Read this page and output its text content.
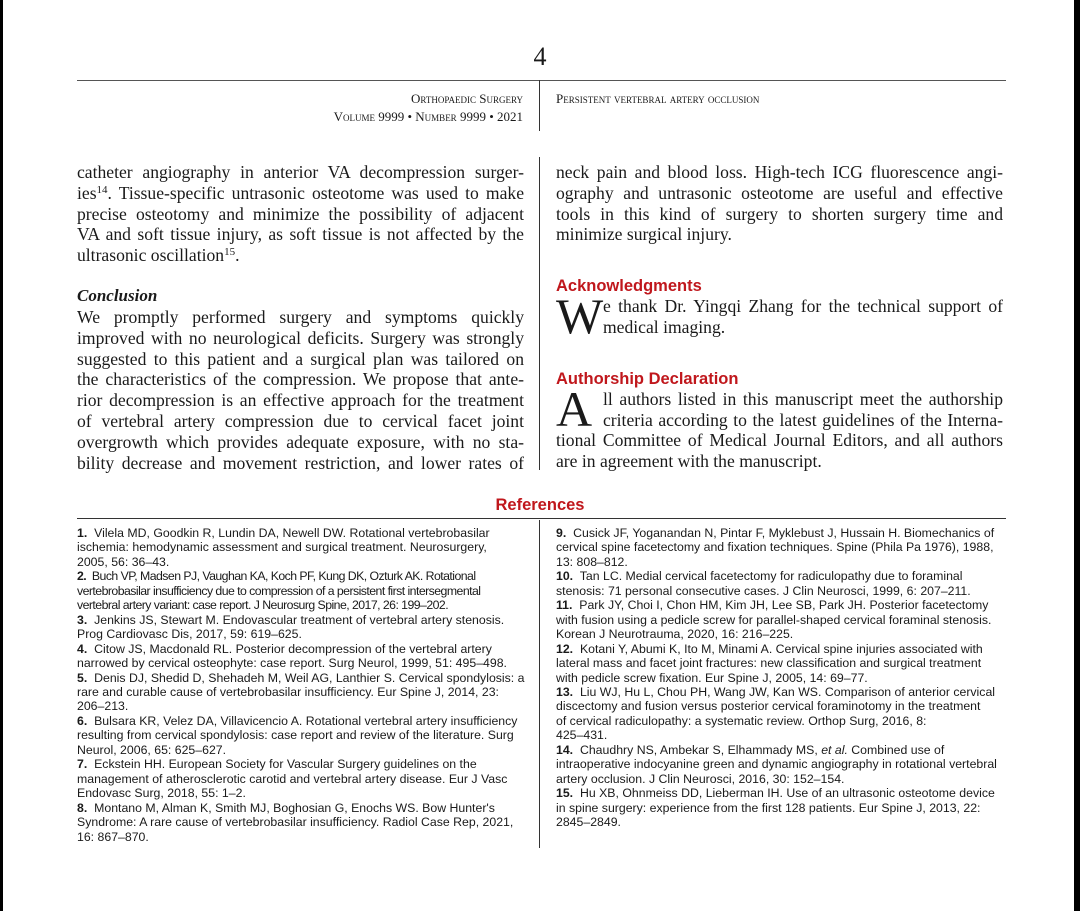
4
Orthopaedic Surgery
Volume 9999 • Number 9999 • 2021
Persistent vertebral artery occlusion
catheter angiography in anterior VA decompression surger-
ies$^{14}$. Tissue-specific untrasonic osteotome was used to make
precise osteotomy and minimize the possibility of adjacent
VA and soft tissue injury, as soft tissue is not affected by the
ultrasonic oscillation$^{15}$.
Conclusion
We promptly performed surgery and symptoms quickly
improved with no neurological deficits. Surgery was strongly
suggested to this patient and a surgical plan was tailored on
the characteristics of the compression. We propose that ante-
rior decompression is an effective approach for the treatment
of vertebral artery compression due to cervical facet joint
overgrowth which provides adequate exposure, with no sta-
bility decrease and movement restriction, and lower rates of
neck pain and blood loss. High-tech ICG fluorescence angi-
ography and untrasonic osteotome are useful and effective
tools in this kind of surgery to shorten surgery time and
minimize surgical injury.
Acknowledgments
W e thank Dr. Yingqi Zhang for the technical support of
medical imaging.
Authorship Declaration
A ll authors listed in this manuscript meet the authorship
criteria according to the latest guidelines of the Interna-
tional Committee of Medical Journal Editors, and all authors
are in agreement with the manuscript.
References
1. Vilela MD, Goodkin R, Lundin DA, Newell DW. Rotational vertebrobasilar
ischemia: hemodynamic assessment and surgical treatment. Neurosurgery,
2005, 56: 36–43.
2. Buch VP, Madsen PJ, Vaughan KA, Koch PF, Kung DK, Ozturk AK. Rotational
vertebrobasilar insufficiency due to compression of a persistent first intersegmental
vertebral artery variant: case report. J Neurosurg Spine, 2017, 26: 199–202.
3. Jenkins JS, Stewart M. Endovascular treatment of vertebral artery stenosis.
Prog Cardiovasc Dis, 2017, 59: 619–625.
4. Citow JS, Macdonald RL. Posterior decompression of the vertebral artery
narrowed by cervical osteophyte: case report. Surg Neurol, 1999, 51: 495–498.
5. Denis DJ, Shedid D, Shehadeh M, Weil AG, Lanthier S. Cervical spondylosis: a
rare and curable cause of vertebrobasilar insufficiency. Eur Spine J, 2014, 23:
206–213.
6. Bulsara KR, Velez DA, Villavicencio A. Rotational vertebral artery insufficiency
resulting from cervical spondylosis: case report and review of the literature. Surg
Neurol, 2006, 65: 625–627.
7. Eckstein HH. European Society for Vascular Surgery guidelines on the
management of atherosclerotic carotid and vertebral artery disease. Eur J Vasc
Endovasc Surg, 2018, 55: 1–2.
8. Montano M, Alman K, Smith MJ, Boghosian G, Enochs WS. Bow Hunter's
Syndrome: A rare cause of vertebrobasilar insufficiency. Radiol Case Rep, 2021,
16: 867–870.
9. Cusick JF, Yoganandan N, Pintar F, Myklebust J, Hussain H. Biomechanics of
cervical spine facetectomy and fixation techniques. Spine (Phila Pa 1976), 1988,
13: 808–812.
10. Tan LC. Medial cervical facetectomy for radiculopathy due to foraminal
stenosis: 71 personal consecutive cases. J Clin Neurosci, 1999, 6: 207–211.
11. Park JY, Choi I, Chon HM, Kim JH, Lee SB, Park JH. Posterior facetectomy
with fusion using a pedicle screw for parallel-shaped cervical foraminal stenosis.
Korean J Neurotrauma, 2020, 16: 216–225.
12. Kotani Y, Abumi K, Ito M, Minami A. Cervical spine injuries associated with
lateral mass and facet joint fractures: new classification and surgical treatment
with pedicle screw fixation. Eur Spine J, 2005, 14: 69–77.
13. Liu WJ, Hu L, Chou PH, Wang JW, Kan WS. Comparison of anterior cervical
discectomy and fusion versus posterior cervical foraminotomy in the treatment
of cervical radiculopathy: a systematic review. Orthop Surg, 2016, 8:
425–431.
14. Chaudhry NS, Ambekar S, Elhammady MS, et al. Combined use of
intraoperative indocyanine green and dynamic angiography in rotational vertebral
artery occlusion. J Clin Neurosci, 2016, 30: 152–154.
15. Hu XB, Ohnmeiss DD, Lieberman IH. Use of an ultrasonic osteotome device
in spine surgery: experience from the first 128 patients. Eur Spine J, 2013, 22:
2845–2849.
